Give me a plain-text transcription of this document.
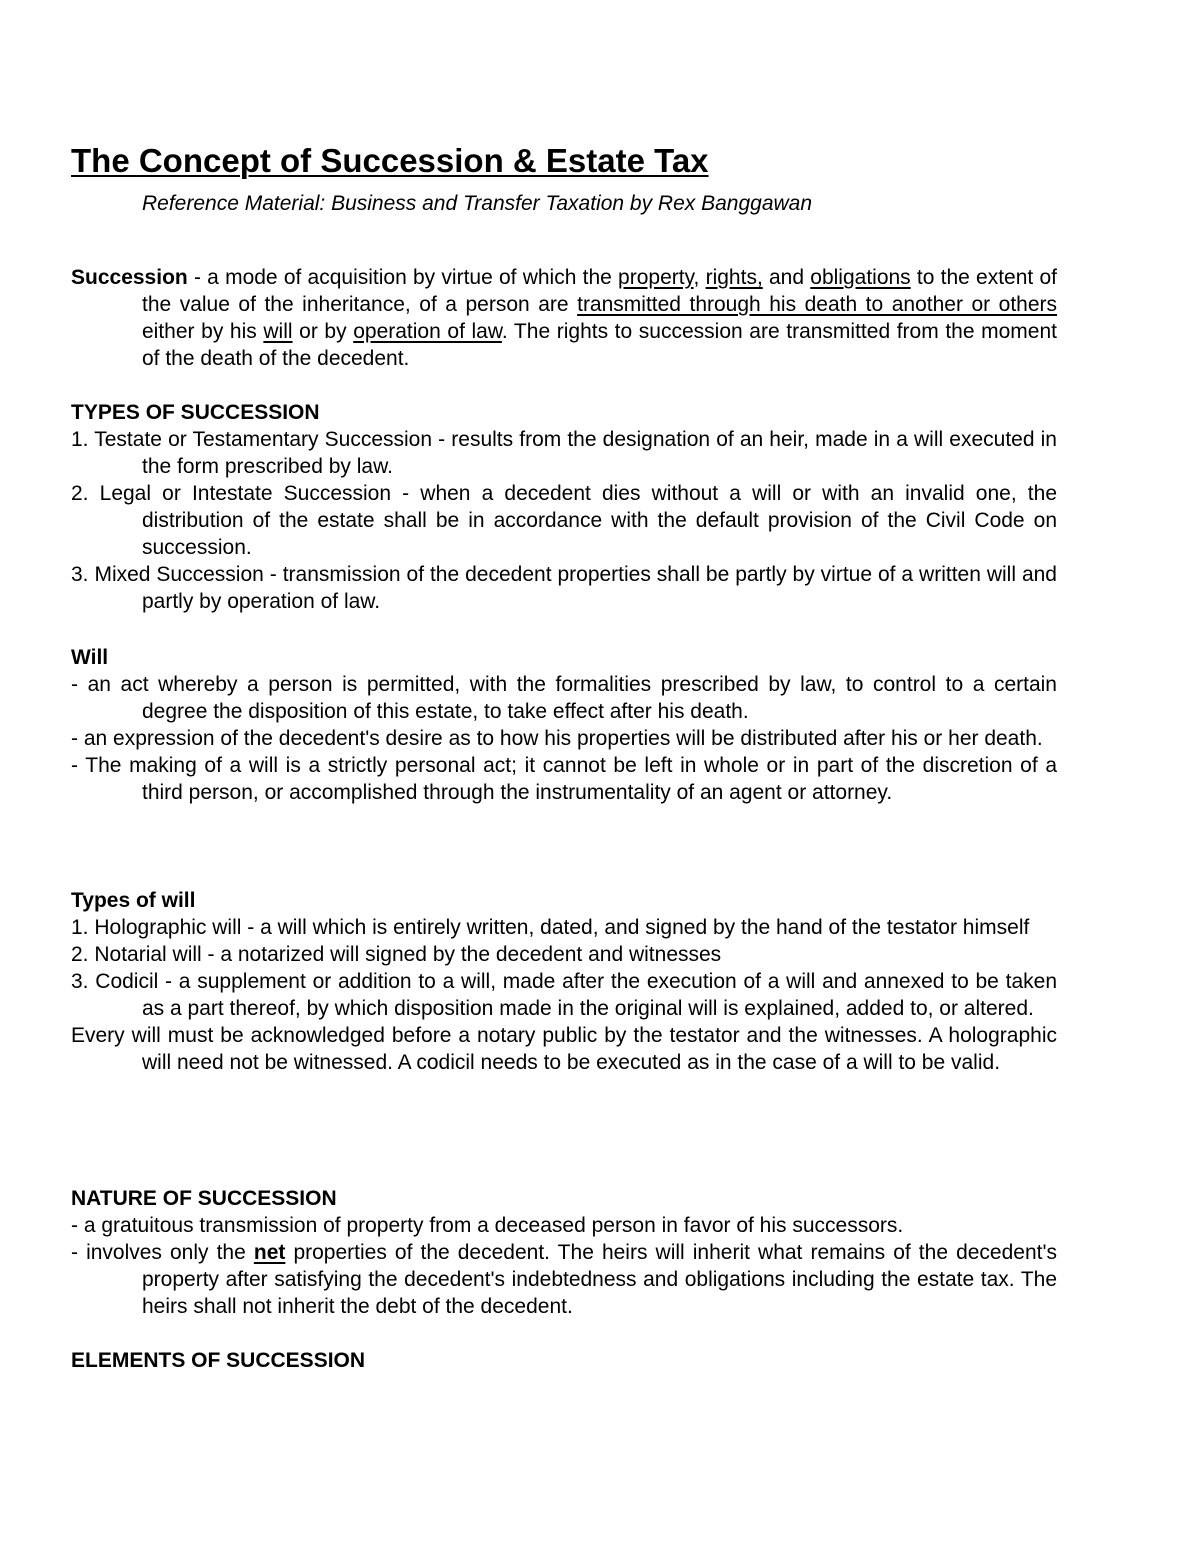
The Concept of Succession & Estate Tax
Reference Material: Business and Transfer Taxation by Rex Banggawan

Succession - a mode of acquisition by virtue of which the property, rights, and obligations to the extent of the value of the inheritance, of a person are transmitted through his death to another or others either by his will or by operation of law. The rights to succession are transmitted from the moment of the death of the decedent.

TYPES OF SUCCESSION

1. Testate or Testamentary Succession - results from the designation of an heir, made in a will executed in the form prescribed by law.

2. Legal or Intestate Succession - when a decedent dies without a will or with an invalid one, the distribution of the estate shall be in accordance with the default provision of the Civil Code on succession.

3. Mixed Succession - transmission of the decedent properties shall be partly by virtue of a written will and partly by operation of law.

Will

- an act whereby a person is permitted, with the formalities prescribed by law, to control to a certain degree the disposition of this estate, to take effect after his death.

- an expression of the decedent's desire as to how his properties will be distributed after his or her death.

- The making of a will is a strictly personal act; it cannot be left in whole or in part of the discretion of a third person, or accomplished through the instrumentality of an agent or attorney.

Types of will

1. Holographic will - a will which is entirely written, dated, and signed by the hand of the testator himself

2. Notarial will - a notarized will signed by the decedent and witnesses

3. Codicil - a supplement or addition to a will, made after the execution of a will and annexed to be taken as a part thereof, by which disposition made in the original will is explained, added to, or altered.

Every will must be acknowledged before a notary public by the testator and the witnesses. A holographic will need not be witnessed. A codicil needs to be executed as in the case of a will to be valid.

NATURE OF SUCCESSION

- a gratuitous transmission of property from a deceased person in favor of his successors.

- involves only the net properties of the decedent. The heirs will inherit what remains of the decedent's property after satisfying the decedent's indebtedness and obligations including the estate tax. The heirs shall not inherit the debt of the decedent.

ELEMENTS OF SUCCESSION
